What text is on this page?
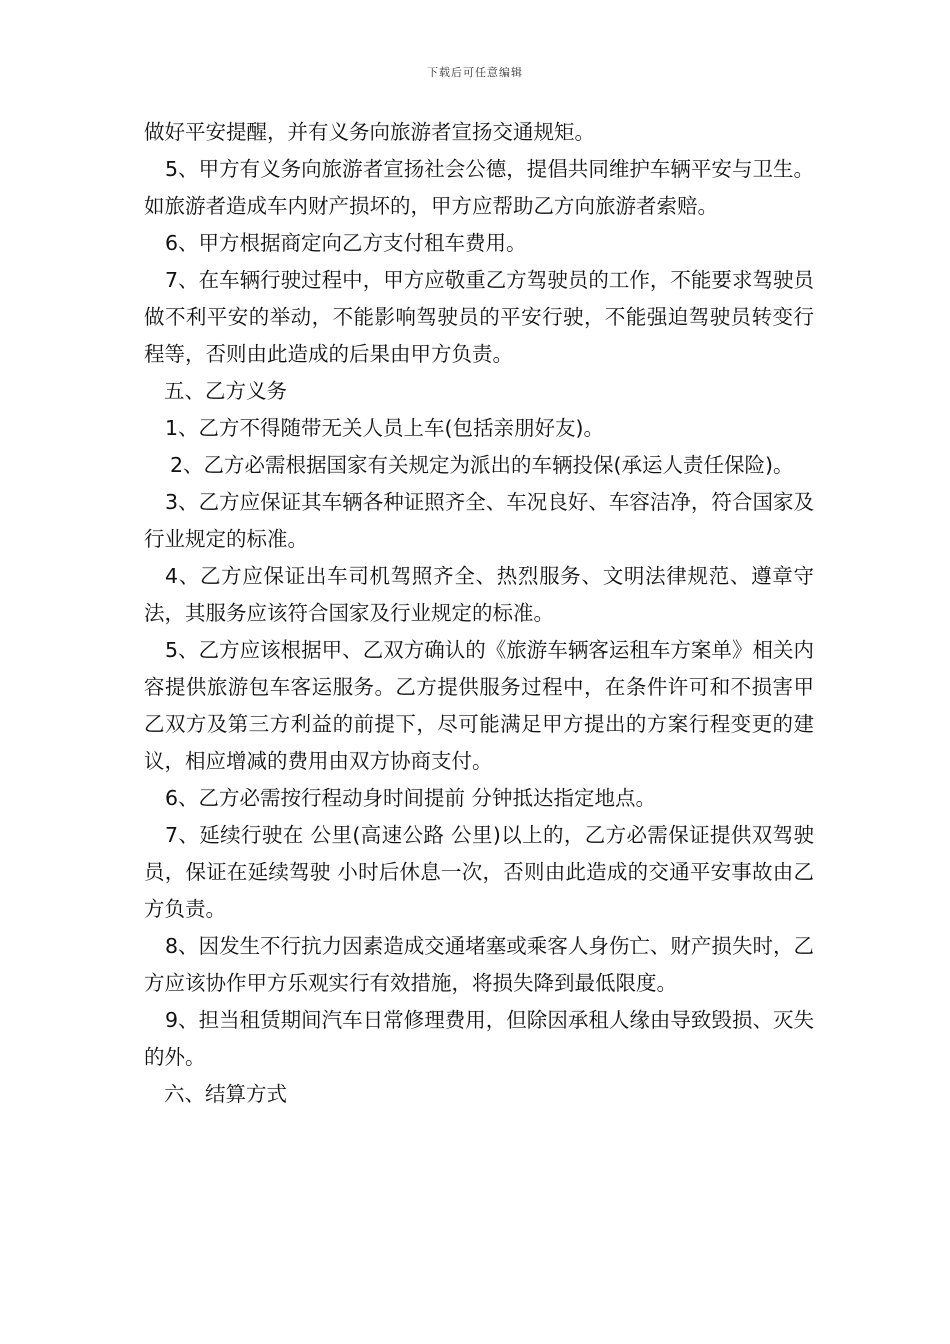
下载后可任意编辑

做好平安提醒，并有义务向旅游者宣扬交通规矩。

5、甲方有义务向旅游者宣扬社会公德，提倡共同维护车辆平安与卫生。如旅游者造成车内财产损坏的，甲方应帮助乙方向旅游者索赔。

6、甲方根据商定向乙方支付租车费用。

7、在车辆行驶过程中，甲方应敬重乙方驾驶员的工作，不能要求驾驶员做不利平安的举动，不能影响驾驶员的平安行驶，不能强迫驾驶员转变行程等，否则由此造成的后果由甲方负责。

五、乙方义务

1、乙方不得随带无关人员上车(包括亲朋好友)。

2、乙方必需根据国家有关规定为派出的车辆投保(承运人责任保险)。

3、乙方应保证其车辆各种证照齐全、车况良好、车容洁净，符合国家及行业规定的标准。

4、乙方应保证出车司机驾照齐全、热烈服务、文明法律规范、遵章守法，其服务应该符合国家及行业规定的标准。

5、乙方应该根据甲、乙双方确认的《旅游车辆客运租车方案单》相关内容提供旅游包车客运服务。乙方提供服务过程中，在条件许可和不损害甲乙双方及第三方利益的前提下，尽可能满足甲方提出的方案行程变更的建议，相应增减的费用由双方协商支付。

6、乙方必需按行程动身时间提前 分钟抵达指定地点。

7、延续行驶在 公里(高速公路 公里)以上的，乙方必需保证提供双驾驶员，保证在延续驾驶 小时后休息一次，否则由此造成的交通平安事故由乙方负责。

8、因发生不行抗力因素造成交通堵塞或乘客人身伤亡、财产损失时，乙方应该协作甲方乐观实行有效措施，将损失降到最低限度。

9、担当租赁期间汽车日常修理费用，但除因承租人缘由导致毁损、灭失的外。

六、结算方式
